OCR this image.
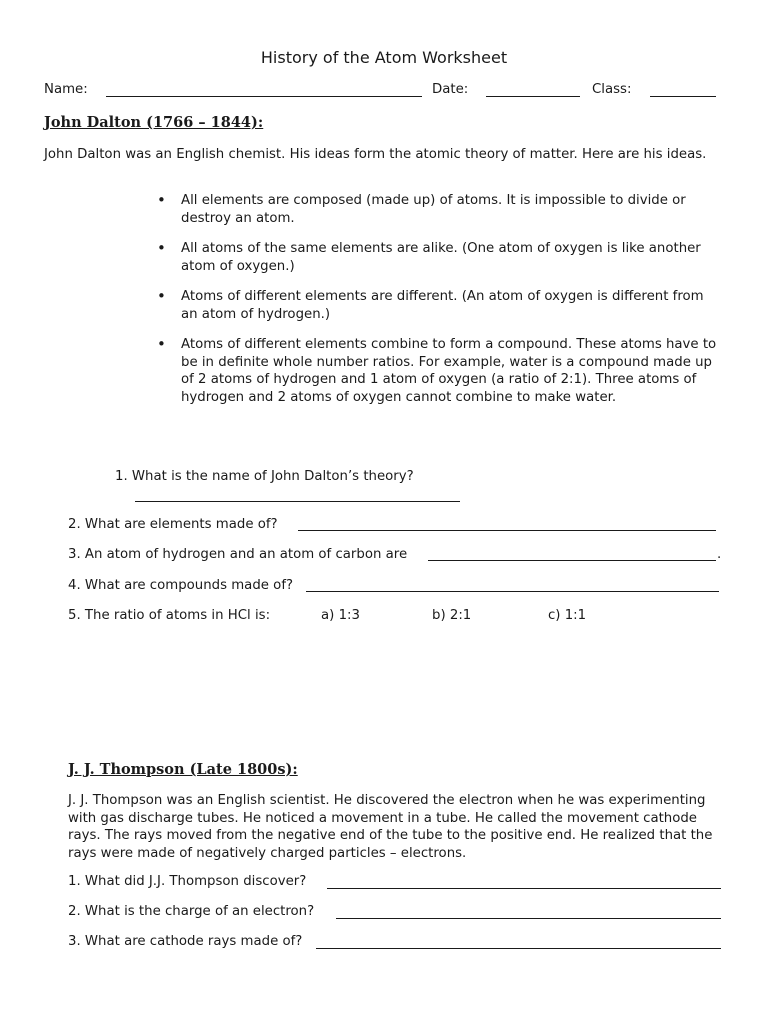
History of the Atom Worksheet
Name:	Date:	Class:
John Dalton (1766 – 1844):
John Dalton was an English chemist. His ideas form the atomic theory of matter. Here are his ideas.
• All elements are composed (made up) of atoms. It is impossible to divide or destroy an atom.
• All atoms of the same elements are alike. (One atom of oxygen is like another atom of oxygen.)
• Atoms of different elements are different. (An atom of oxygen is different from an atom of hydrogen.)
• Atoms of different elements combine to form a compound. These atoms have to be in definite whole number ratios. For example, water is a compound made up of 2 atoms of hydrogen and 1 atom of oxygen (a ratio of 2:1). Three atoms of hydrogen and 2 atoms of oxygen cannot combine to make water.
1. What is the name of John Dalton’s theory?
2. What are elements made of?
3. An atom of hydrogen and an atom of carbon are	.
4. What are compounds made of?
5. The ratio of atoms in HCl is:	a) 1:3	b) 2:1	c) 1:1
J. J. Thompson (Late 1800s):
J. J. Thompson was an English scientist. He discovered the electron when he was experimenting with gas discharge tubes. He noticed a movement in a tube. He called the movement cathode rays. The rays moved from the negative end of the tube to the positive end. He realized that the rays were made of negatively charged particles – electrons.
1. What did J.J. Thompson discover?
2. What is the charge of an electron?
3. What are cathode rays made of?
